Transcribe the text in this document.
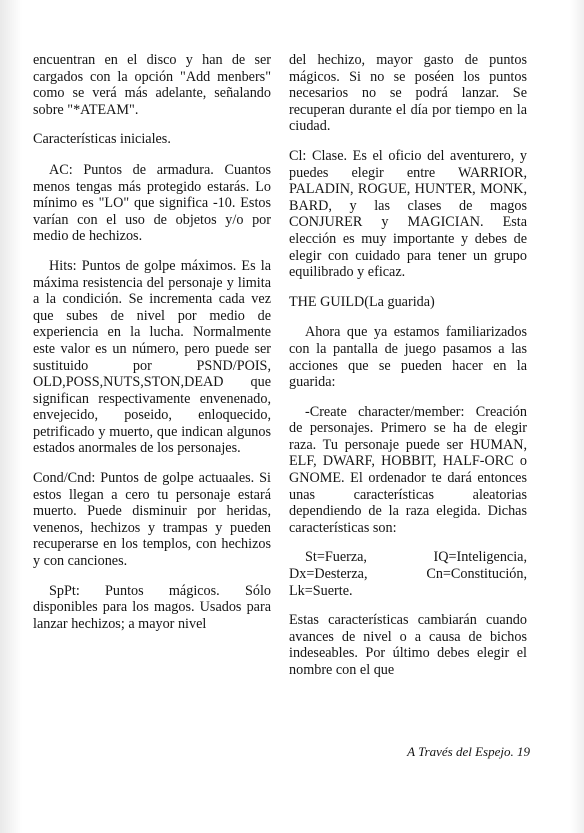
encuentran en el disco y han de ser cargados con la opción "Add menbers" como se verá más adelante, señalando sobre "*ATEAM".

Características iniciales.

AC: Puntos de armadura. Cuantos menos tengas más protegido estarás. Lo mínimo es "LO" que significa -10. Estos varían con el uso de objetos y/o por medio de hechizos.

Hits: Puntos de golpe máximos. Es la máxima resistencia del personaje y limita a la condición. Se incrementa cada vez que subes de nivel por medio de experiencia en la lucha. Normalmente este valor es un número, pero puede ser sustituido por PSND/POIS, OLD,POSS,NUTS,STON,DEAD que significan respectivamente envenenado, envejecido, poseido, enloquecido, petrificado y muerto, que indican algunos estados anormales de los personajes.

Cond/Cnd: Puntos de golpe actuaales. Si estos llegan a cero tu personaje estará muerto. Puede disminuir por heridas, venenos, hechizos y trampas y pueden recuperarse en los templos, con hechizos y con canciones.

SpPt: Puntos mágicos. Sólo disponibles para los magos. Usados para lanzar hechizos; a mayor nivel

del hechizo, mayor gasto de puntos mágicos. Si no se poséen los puntos necesarios no se podrá lanzar. Se recuperan durante el día por tiempo en la ciudad.

Cl: Clase. Es el oficio del aventurero, y puedes elegir entre WARRIOR, PALADIN, ROGUE, HUNTER, MONK, BARD, y las clases de magos CONJURER y MAGICIAN. Esta elección es muy importante y debes de elegir con cuidado para tener un grupo equilibrado y eficaz.

THE GUILD(La guarida)

Ahora que ya estamos familiarizados con la pantalla de juego pasamos a las acciones que se pueden hacer en la guarida:

-Create character/member: Creación de personajes. Primero se ha de elegir raza. Tu personaje puede ser HUMAN, ELF, DWARF, HOBBIT, HALF-ORC o GNOME. El ordenador te dará entonces unas características aleatorias dependiendo de la raza elegida. Dichas características son:

St=Fuerza, IQ=Inteligencia, Dx=Desterza, Cn=Constitución, Lk=Suerte.

Estas características cambiarán cuando avances de nivel o a causa de bichos indeseables. Por último debes elegir el nombre con el que

A Través del Espejo. 19
